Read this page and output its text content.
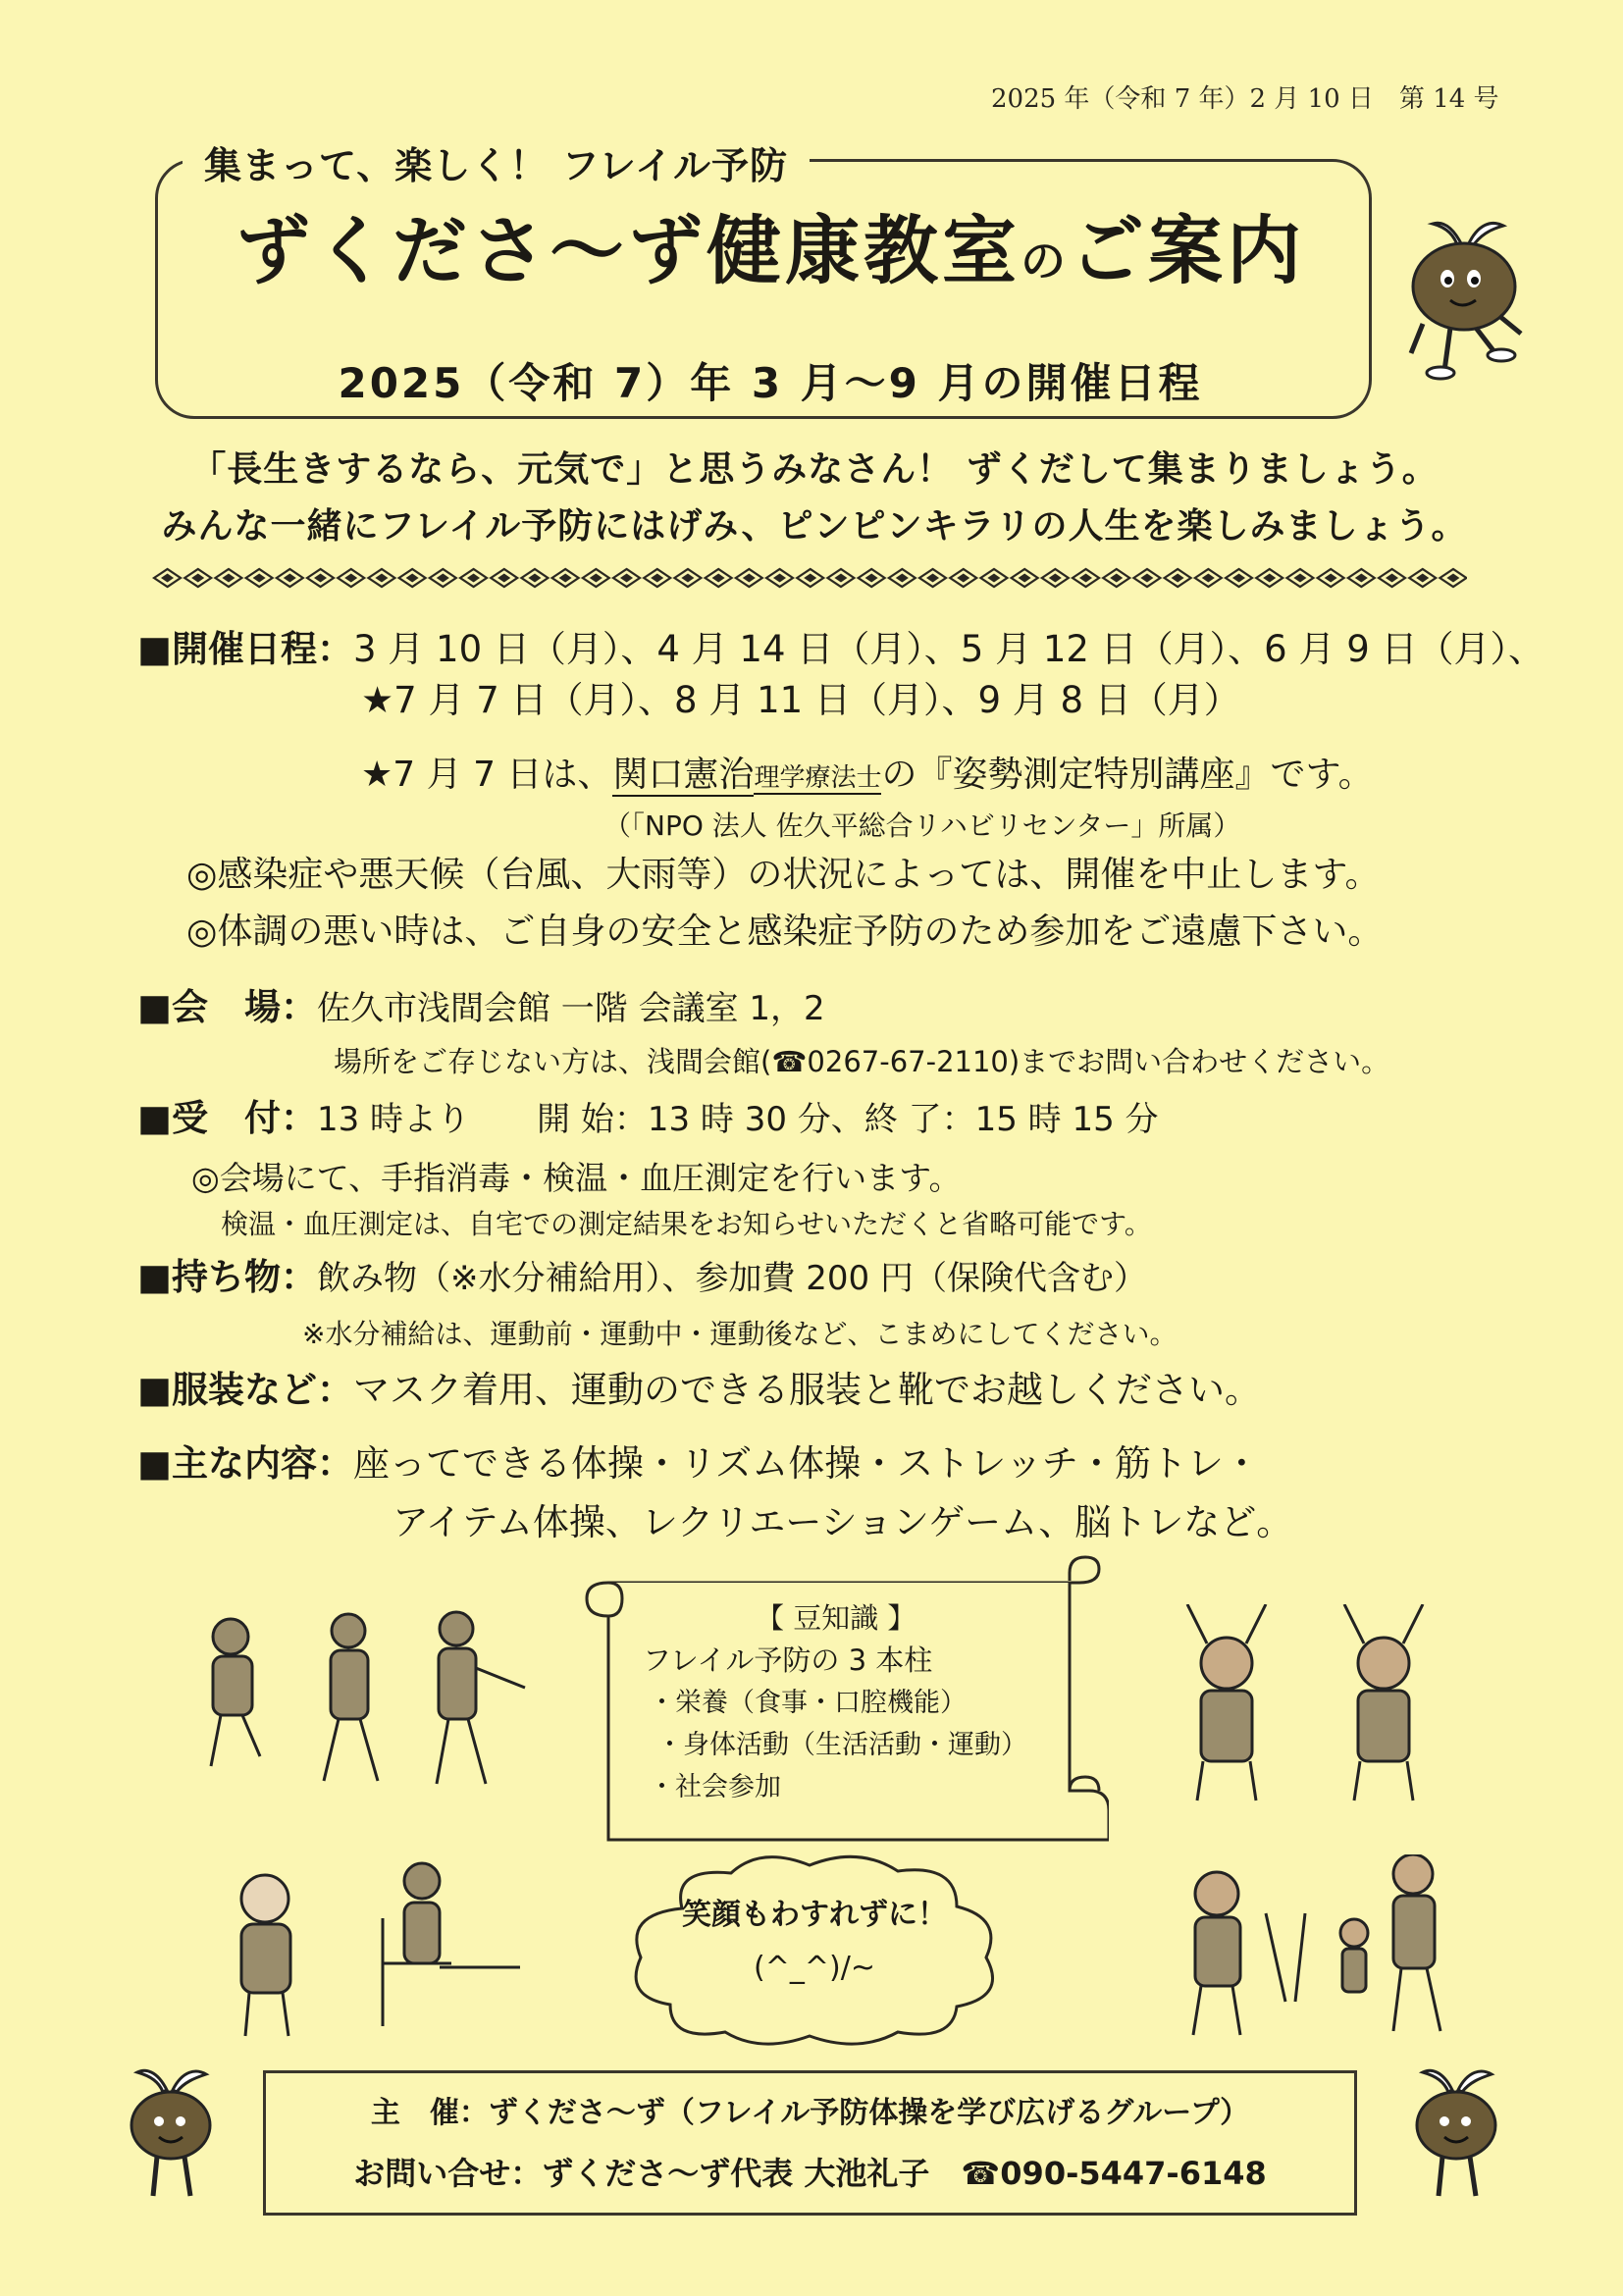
2025 年（令和 7 年）2 月 10 日　第 14 号
集まって、楽しく！ フレイル予防
ずくださ〜ず健康教室のご案内
2025（令和 7）年 3 月〜9 月の開催日程
「長生きするなら、元気で」と思うみなさん！ ずくだして集まりましょう。
みんな一緒にフレイル予防にはげみ、ピンピンキラリの人生を楽しみましょう。
■開催日程：3 月 10 日（月）、4 月 14 日（月）、5 月 12 日（月）、6 月 9 日（月）、
★7 月 7 日（月）、8 月 11 日（月）、9 月 8 日（月）
★7 月 7 日は、関口憲治理学療法士の『姿勢測定特別講座』です。
（「NPO 法人 佐久平総合リハビリセンター」所属）
◎感染症や悪天候（台風、大雨等）の状況によっては、開催を中止します。
◎体調の悪い時は、ご自身の安全と感染症予防のため参加をご遠慮下さい。
■会　場：佐久市浅間会館 一階 会議室 1，2
場所をご存じない方は、浅間会館(☎0267-67-2110)までお問い合わせください。
■受　付：13 時より　　開 始：13 時 30 分、終 了：15 時 15 分
◎会場にて、手指消毒・検温・血圧測定を行います。
検温・血圧測定は、自宅での測定結果をお知らせいただくと省略可能です。
■持ち物：飲み物（※水分補給用）、参加費 200 円（保険代含む）
※水分補給は、運動前・運動中・運動後など、こまめにしてください。
■服装など：マスク着用、運動のできる服装と靴でお越しください。
■主な内容：座ってできる体操・リズム体操・ストレッチ・筋トレ・
アイテム体操、レクリエーションゲーム、脳トレなど。
【 豆知識 】
フレイル予防の 3 本柱
・栄養（食事・口腔機能）
・身体活動（生活活動・運動）
・社会参加
笑顔もわすれずに！
(^_^)/~
主　催：ずくださ〜ず（フレイル予防体操を学び広げるグループ）
お問い合せ：ずくださ〜ず代表 大池礼子　 ☎090-5447-6148
